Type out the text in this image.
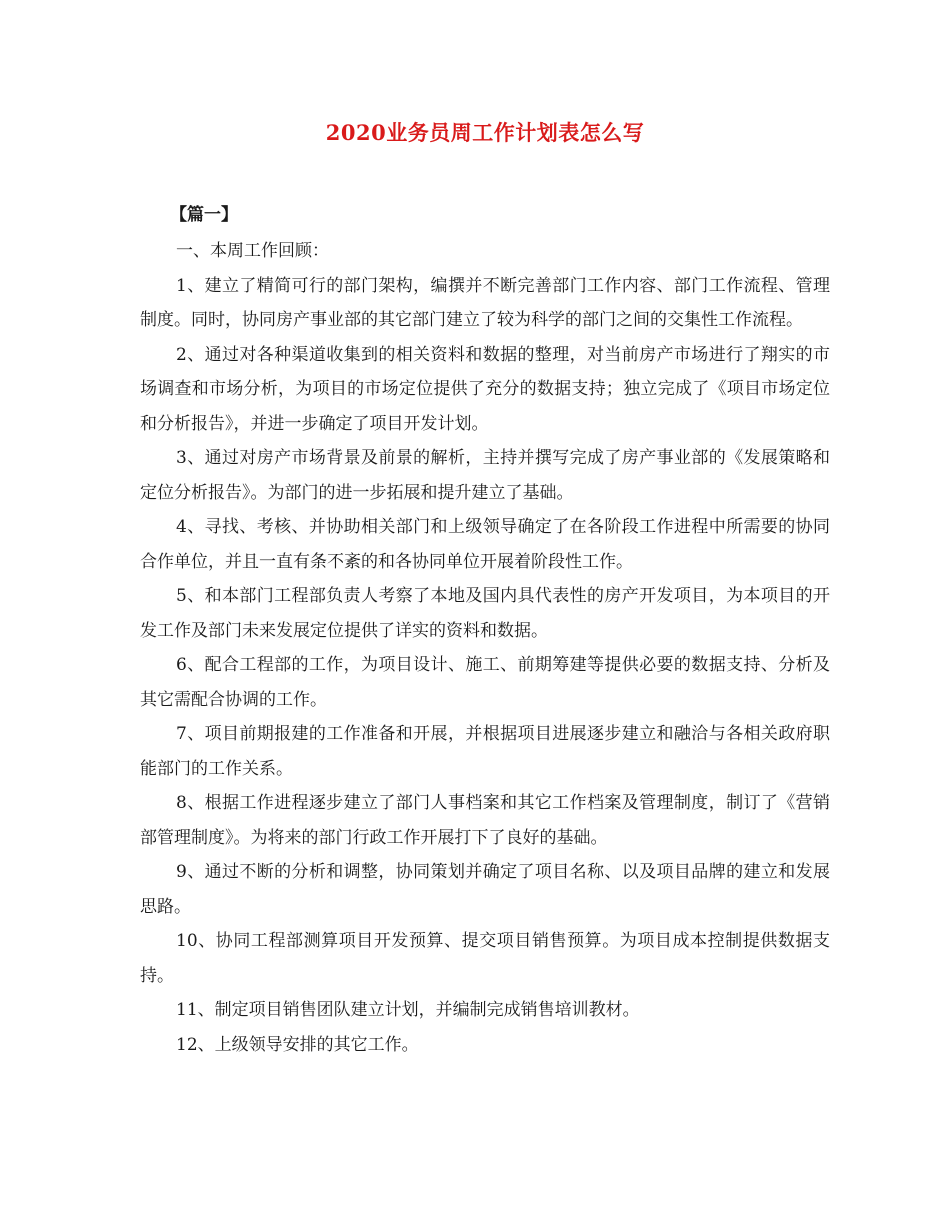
2020业务员周工作计划表怎么写
【篇一】

一、本周工作回顾：

1、建立了精简可行的部门架构，编撰并不断完善部门工作内容、部门工作流程、管理制度。同时，协同房产事业部的其它部门建立了较为科学的部门之间的交集性工作流程。

2、通过对各种渠道收集到的相关资料和数据的整理，对当前房产市场进行了翔实的市场调查和市场分析，为项目的市场定位提供了充分的数据支持；独立完成了《项目市场定位和分析报告》，并进一步确定了项目开发计划。

3、通过对房产市场背景及前景的解析，主持并撰写完成了房产事业部的《发展策略和定位分析报告》。为部门的进一步拓展和提升建立了基础。

4、寻找、考核、并协助相关部门和上级领导确定了在各阶段工作进程中所需要的协同合作单位，并且一直有条不紊的和各协同单位开展着阶段性工作。

5、和本部门工程部负责人考察了本地及国内具代表性的房产开发项目，为本项目的开发工作及部门未来发展定位提供了详实的资料和数据。

6、配合工程部的工作，为项目设计、施工、前期筹建等提供必要的数据支持、分析及其它需配合协调的工作。

7、项目前期报建的工作准备和开展，并根据项目进展逐步建立和融洽与各相关政府职能部门的工作关系。

8、根据工作进程逐步建立了部门人事档案和其它工作档案及管理制度，制订了《营销部管理制度》。为将来的部门行政工作开展打下了良好的基础。

9、通过不断的分析和调整，协同策划并确定了项目名称、以及项目品牌的建立和发展思路。

10、协同工程部测算项目开发预算、提交项目销售预算。为项目成本控制提供数据支持。

11、制定项目销售团队建立计划，并编制完成销售培训教材。

12、上级领导安排的其它工作。
